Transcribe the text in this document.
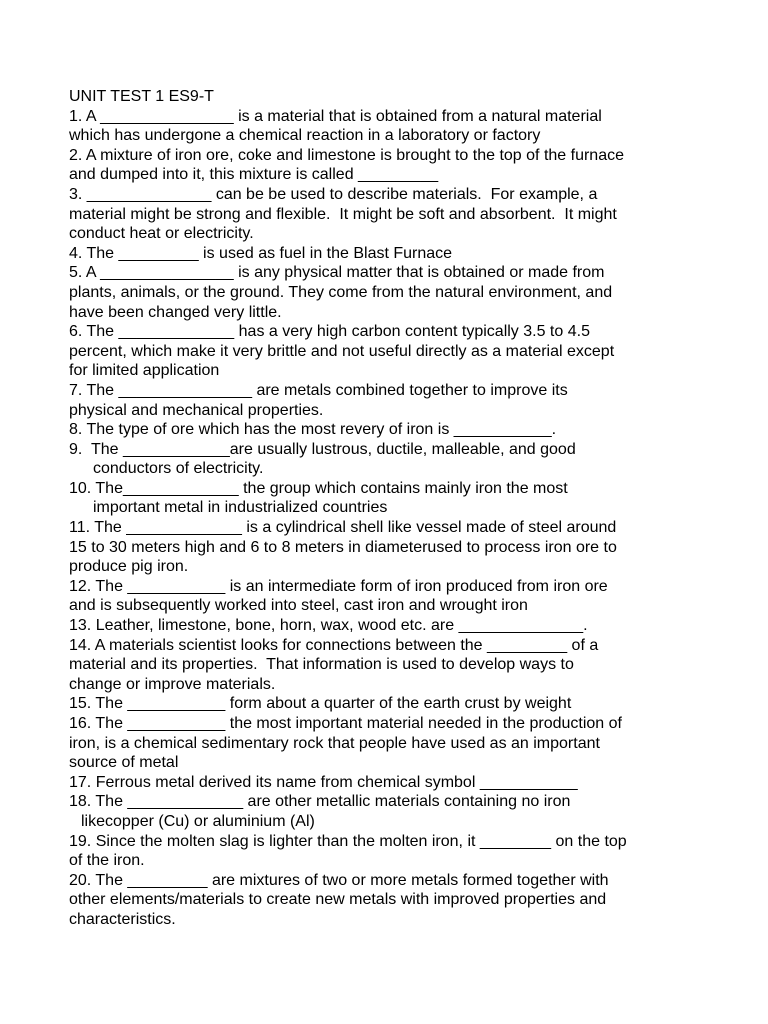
UNIT TEST 1 ES9-T
1. A _______________ is a material that is obtained from a natural material
which has undergone a chemical reaction in a laboratory or factory
2. A mixture of iron ore, coke and limestone is brought to the top of the furnace
and dumped into it, this mixture is called _________
3. ______________ can be be used to describe materials.  For example, a
material might be strong and flexible.  It might be soft and absorbent.  It might
conduct heat or electricity.
4. The _________ is used as fuel in the Blast Furnace
5. A _______________ is any physical matter that is obtained or made from
plants, animals, or the ground. They come from the natural environment, and
have been changed very little.
6. The _____________ has a very high carbon content typically 3.5 to 4.5
percent, which make it very brittle and not useful directly as a material except
for limited application
7. The _______________ are metals combined together to improve its
physical and mechanical properties.
8. The type of ore which has the most revery of iron is ___________.
9.  The ____________are usually lustrous, ductile, malleable, and good
conductors of electricity.
10. The_____________ the group which contains mainly iron the most
important metal in industrialized countries
11. The _____________ is a cylindrical shell like vessel made of steel around
15 to 30 meters high and 6 to 8 meters in diameterused to process iron ore to
produce pig iron.
12. The ___________ is an intermediate form of iron produced from iron ore
and is subsequently worked into steel, cast iron and wrought iron
13. Leather, limestone, bone, horn, wax, wood etc. are ______________.
14. A materials scientist looks for connections between the _________ of a
material and its properties.  That information is used to develop ways to
change or improve materials.
15. The ___________ form about a quarter of the earth crust by weight
16. The ___________ the most important material needed in the production of
iron, is a chemical sedimentary rock that people have used as an important
source of metal
17. Ferrous metal derived its name from chemical symbol ___________
18. The _____________ are other metallic materials containing no iron
likecopper (Cu) or aluminium (Al)
19. Since the molten slag is lighter than the molten iron, it ________ on the top
of the iron.
20. The _________ are mixtures of two or more metals formed together with
other elements/materials to create new metals with improved properties and
characteristics.
